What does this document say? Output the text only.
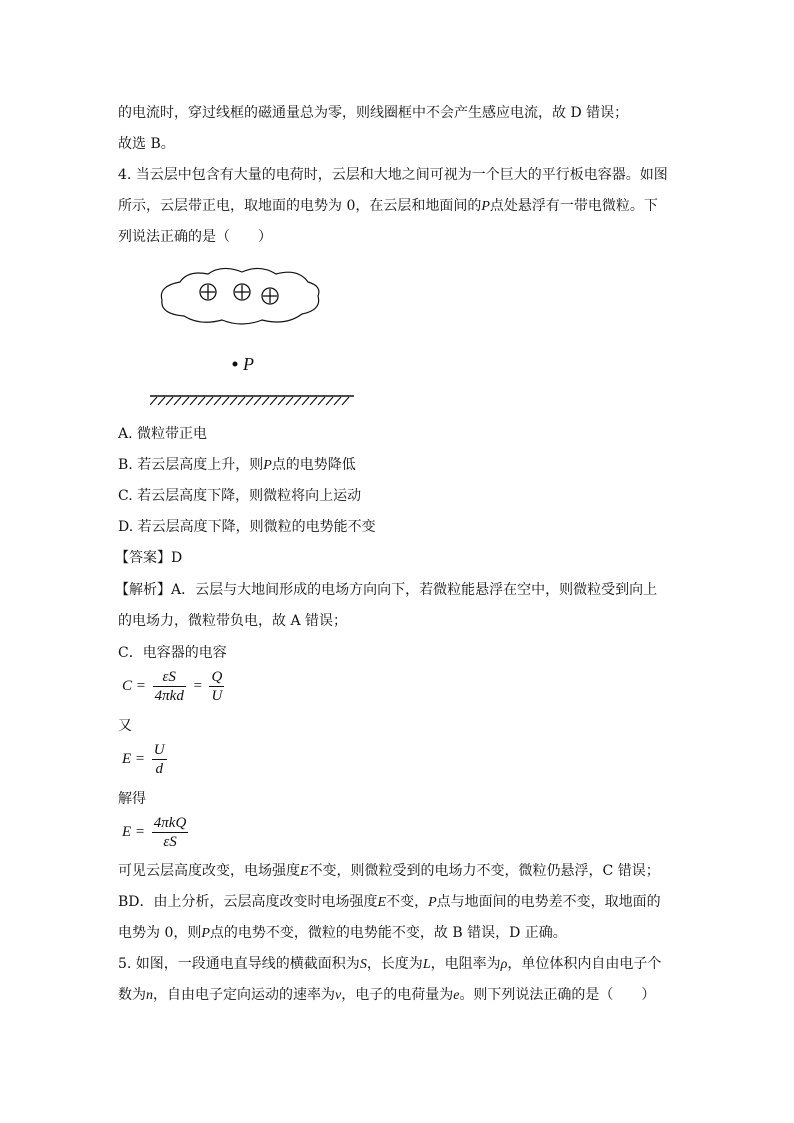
的电流时，穿过线框的磁通量总为零，则线圈框中不会产生感应电流，故 D 错误；
故选 B。
4. 当云层中包含有大量的电荷时，云层和大地之间可视为一个巨大的平行板电容器。如图
所示，云层带正电，取地面的电势为 0，在云层和地面间的P点处悬浮有一带电微粒。下
列说法正确的是（　　）
P
A. 微粒带正电
B. 若云层高度上升，则P点的电势降低
C. 若云层高度下降，则微粒将向上运动
D. 若云层高度下降，则微粒的电势能不变
【答案】D
【解析】A．云层与大地间形成的电场方向向下，若微粒能悬浮在空中，则微粒受到向上
的电场力，微粒带负电，故 A 错误；
C．电容器的电容
$C = \frac{\varepsilon S}{\text{4πkd}} = \frac{Q}{U}$
又
$E = \frac{U}{d}$
解得
$E = \frac{\text{4πkQ}}{\varepsilon S}$
可见云层高度改变，电场强度E不变，则微粒受到的电场力不变，微粒仍悬浮，C 错误；
BD．由上分析，云层高度改变时电场强度E不变，P点与地面间的电势差不变，取地面的
电势为 0，则P点的电势不变，微粒的电势能不变，故 B 错误，D 正确。
5. 如图，一段通电直导线的横截面积为S，长度为L，电阻率为ρ，单位体积内自由电子个
数为n，自由电子定向运动的速率为v，电子的电荷量为e。则下列说法正确的是（　　）
